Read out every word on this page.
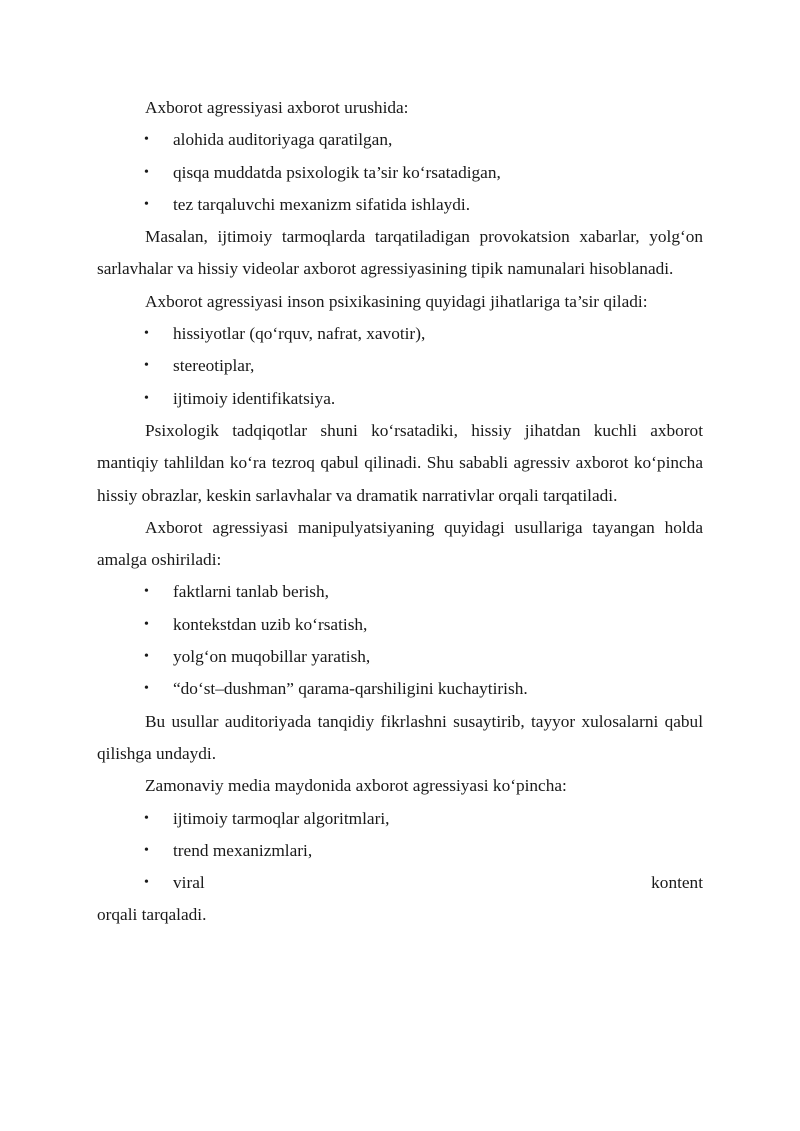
Axborot agressiyasi axborot urushida:

• alohida auditoriyaga qaratilgan,
• qisqa muddatda psixologik ta’sir ko‘rsatadigan,
• tez tarqaluvchi mexanizm sifatida ishlaydi.

Masalan, ijtimoiy tarmoqlarda tarqatiladigan provokatsion xabarlar, yolg‘on sarlavhalar va hissiy videolar axborot agressiyasining tipik namunalari hisoblanadi.

Axborot agressiyasi inson psixikasining quyidagi jihatlariga ta’sir qiladi:

• hissiyotlar (qo‘rquv, nafrat, xavotir),
• stereotiplar,
• ijtimoiy identifikatsiya.

Psixologik tadqiqotlar shuni ko‘rsatadiki, hissiy jihatdan kuchli axborot mantiqiy tahlildan ko‘ra tezroq qabul qilinadi. Shu sababli agressiv axborot ko‘pincha hissiy obrazlar, keskin sarlavhalar va dramatik narrativlar orqali tarqatiladi.

Axborot agressiyasi manipulyatsiyaning quyidagi usullariga tayangan holda amalga oshiriladi:

• faktlarni tanlab berish,
• kontekstdan uzib ko‘rsatish,
• yolg‘on muqobillar yaratish,
• “do‘st–dushman” qarama-qarshiligini kuchaytirish.

Bu usullar auditoriyada tanqidiy fikrlashni susaytirib, tayyor xulosalarni qabul qilishga undaydi.

Zamonaviy media maydonida axborot agressiyasi ko‘pincha:

• ijtimoiy tarmoqlar algoritmlari,
• trend mexanizmlari,
• viral	kontent

orqali tarqaladi.
